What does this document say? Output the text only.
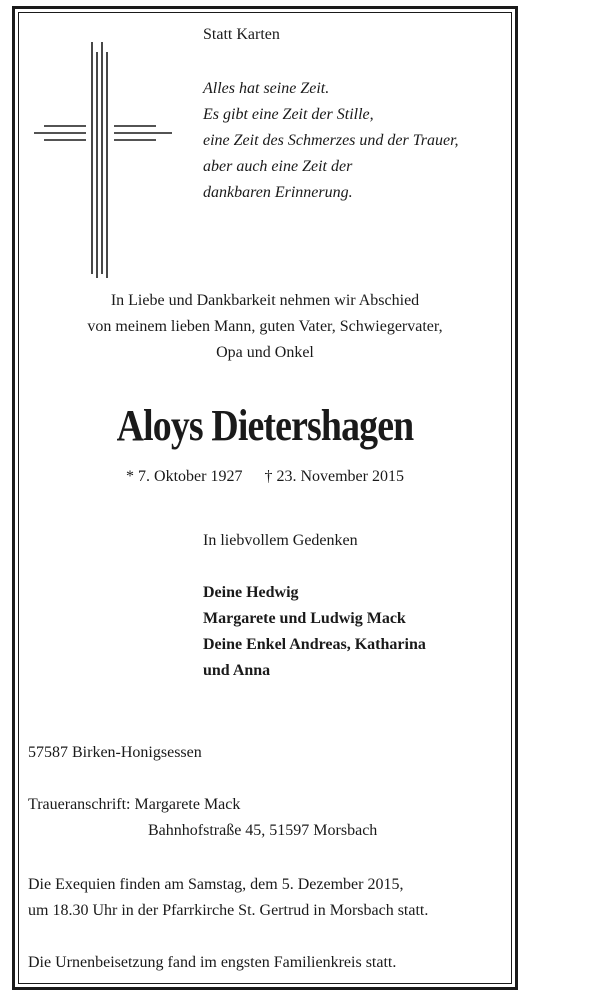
Statt Karten
Alles hat seine Zeit.
Es gibt eine Zeit der Stille,
eine Zeit des Schmerzes und der Trauer,
aber auch eine Zeit der
dankbaren Erinnerung.
In Liebe und Dankbarkeit nehmen wir Abschied
von meinem lieben Mann, guten Vater, Schwiegervater,
Opa und Onkel
Aloys Dietershagen
* 7. Oktober 1927 † 23. November 2015
In liebvollem Gedenken
Deine Hedwig
Margarete und Ludwig Mack
Deine Enkel Andreas, Katharina
und Anna
57587 Birken-Honigsessen
Traueranschrift: Margarete Mack
Bahnhofstraße 45, 51597 Morsbach
Die Exequien finden am Samstag, dem 5. Dezember 2015,
um 18.30 Uhr in der Pfarrkirche St. Gertrud in Morsbach statt.
Die Urnenbeisetzung fand im engsten Familienkreis statt.
